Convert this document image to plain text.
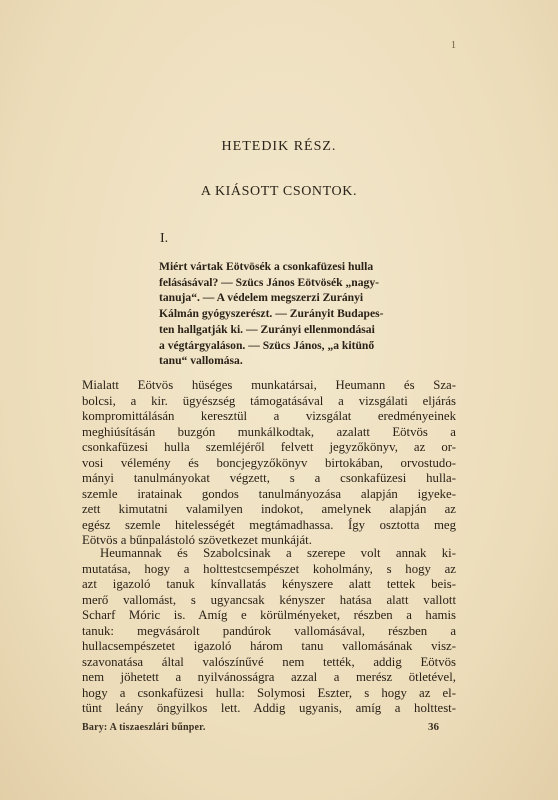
1
HETEDIK RÉSZ.
A KIÁSOTT CSONTOK.
I.
Miért vártak Eötvösék a csonkafüzesi hulla
felásásával? — Szücs János Eötvösék „nagy-
tanuja“. — A védelem megszerzi Zurányi
Kálmán gyógyszerészt. — Zurányit Budapes-
ten hallgatják ki. — Zurányi ellenmondásai
a végtárgyaláson. — Szücs János, „a kitünő
tanu“ vallomása.
Mialatt Eötvös hüséges munkatársai, Heumann és Sza-
bolcsi, a kir. ügyészség támogatásával a vizsgálati eljárás
kompromittálásán keresztül a vizsgálat eredményeinek
meghiúsításán buzgón munkálkodtak, azalatt Eötvös a
csonkafüzesi hulla szemléjéről felvett jegyzőkönyv, az or-
vosi vélemény és boncjegyzőkönyv birtokában, orvostudo-
mányi tanulmányokat végzett, s a csonkafüzesi hulla-
szemle iratainak gondos tanulmányozása alapján igyeke-
zett kimutatni valamilyen indokot, amelynek alapján az
egész szemle hitelességét megtámadhassa. Így osztotta meg
Eötvös a bűnpalástoló szövetkezet munkáját.
Heumannak és Szabolcsinak a szerepe volt annak ki-
mutatása, hogy a holttestcsempészet koholmány, s hogy az
azt igazoló tanuk kínvallatás kényszere alatt tettek beis-
merő vallomást, s ugyancsak kényszer hatása alatt vallott
Scharf Móric is. Amíg e körülményeket, részben a hamis
tanuk: megvásárolt pandúrok vallomásával, részben a
hullacsempészetet igazoló három tanu vallomásának visz-
szavonatása által valószínűvé nem tették, addig Eötvös
nem jöhetett a nyilvánosságra azzal a merész ötletével,
hogy a csonkafüzesi hulla: Solymosi Eszter, s hogy az el-
tünt leány öngyilkos lett. Addig ugyanis, amíg a holttest-
Bary: A tiszaeszlári bűnper.	36
